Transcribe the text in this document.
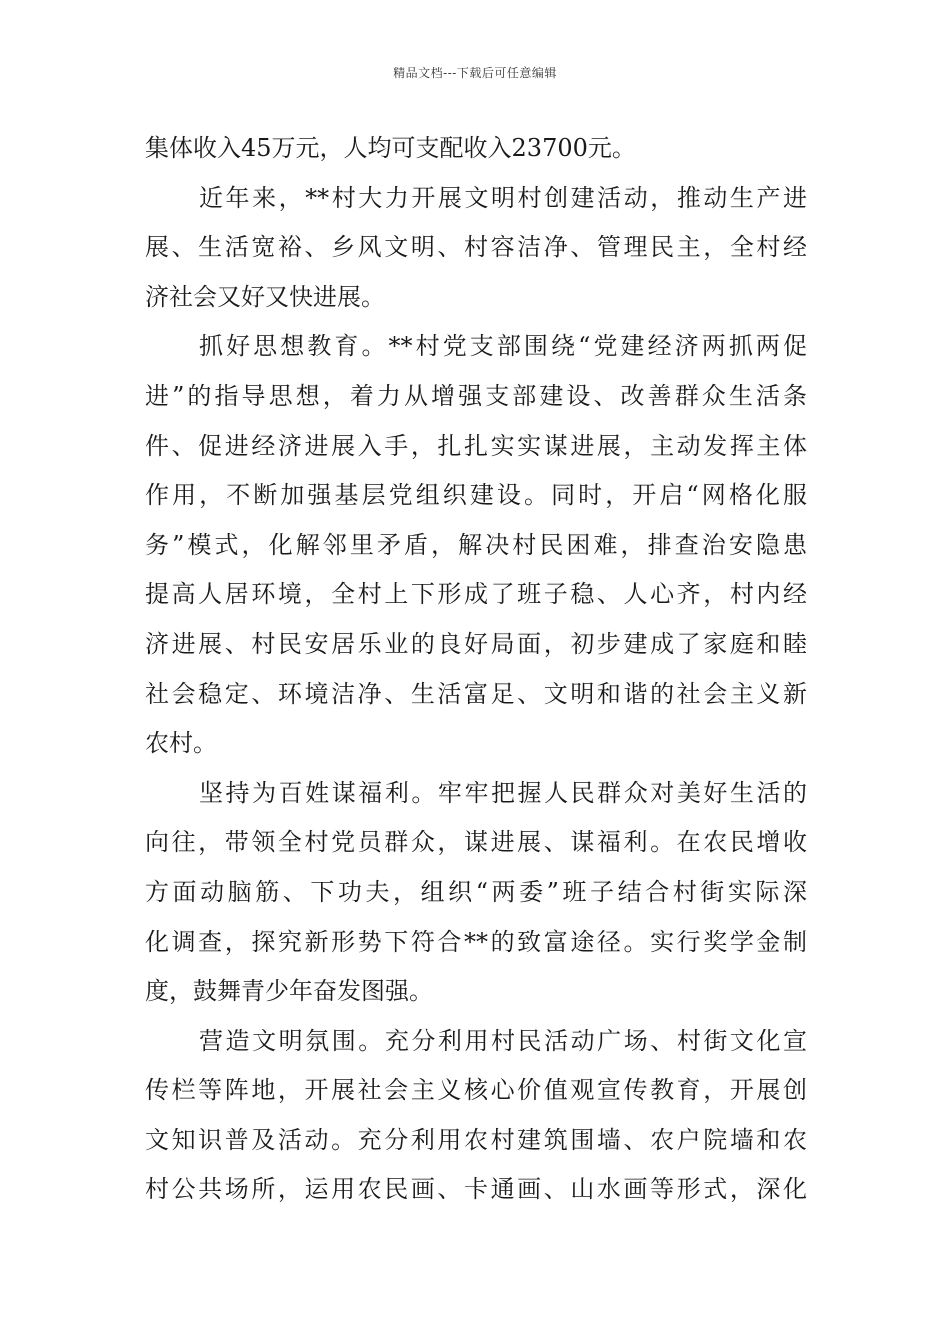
精品文档---下载后可任意编辑
集体收入45万元，人均可支配收入23700元。
近年来，**村大力开展文明村创建活动，推动生产进
展、生活宽裕、乡风文明、村容洁净、管理民主，全村经
济社会又好又快进展。
抓好思想教育。**村党支部围绕“党建经济两抓两促
进”的指导思想，着力从增强支部建设、改善群众生活条
件、促进经济进展入手，扎扎实实谋进展，主动发挥主体
作用，不断加强基层党组织建设。同时，开启“网格化服
务”模式，化解邻里矛盾，解决村民困难，排查治安隐患
提高人居环境，全村上下形成了班子稳、人心齐，村内经
济进展、村民安居乐业的良好局面，初步建成了家庭和睦
社会稳定、环境洁净、生活富足、文明和谐的社会主义新
农村。
坚持为百姓谋福利。牢牢把握人民群众对美好生活的
向往，带领全村党员群众，谋进展、谋福利。在农民增收
方面动脑筋、下功夫，组织“两委”班子结合村街实际深
化调查，探究新形势下符合**的致富途径。实行奖学金制
度，鼓舞青少年奋发图强。
营造文明氛围。充分利用村民活动广场、村街文化宣
传栏等阵地，开展社会主义核心价值观宣传教育，开展创
文知识普及活动。充分利用农村建筑围墙、农户院墙和农
村公共场所，运用农民画、卡通画、山水画等形式，深化
